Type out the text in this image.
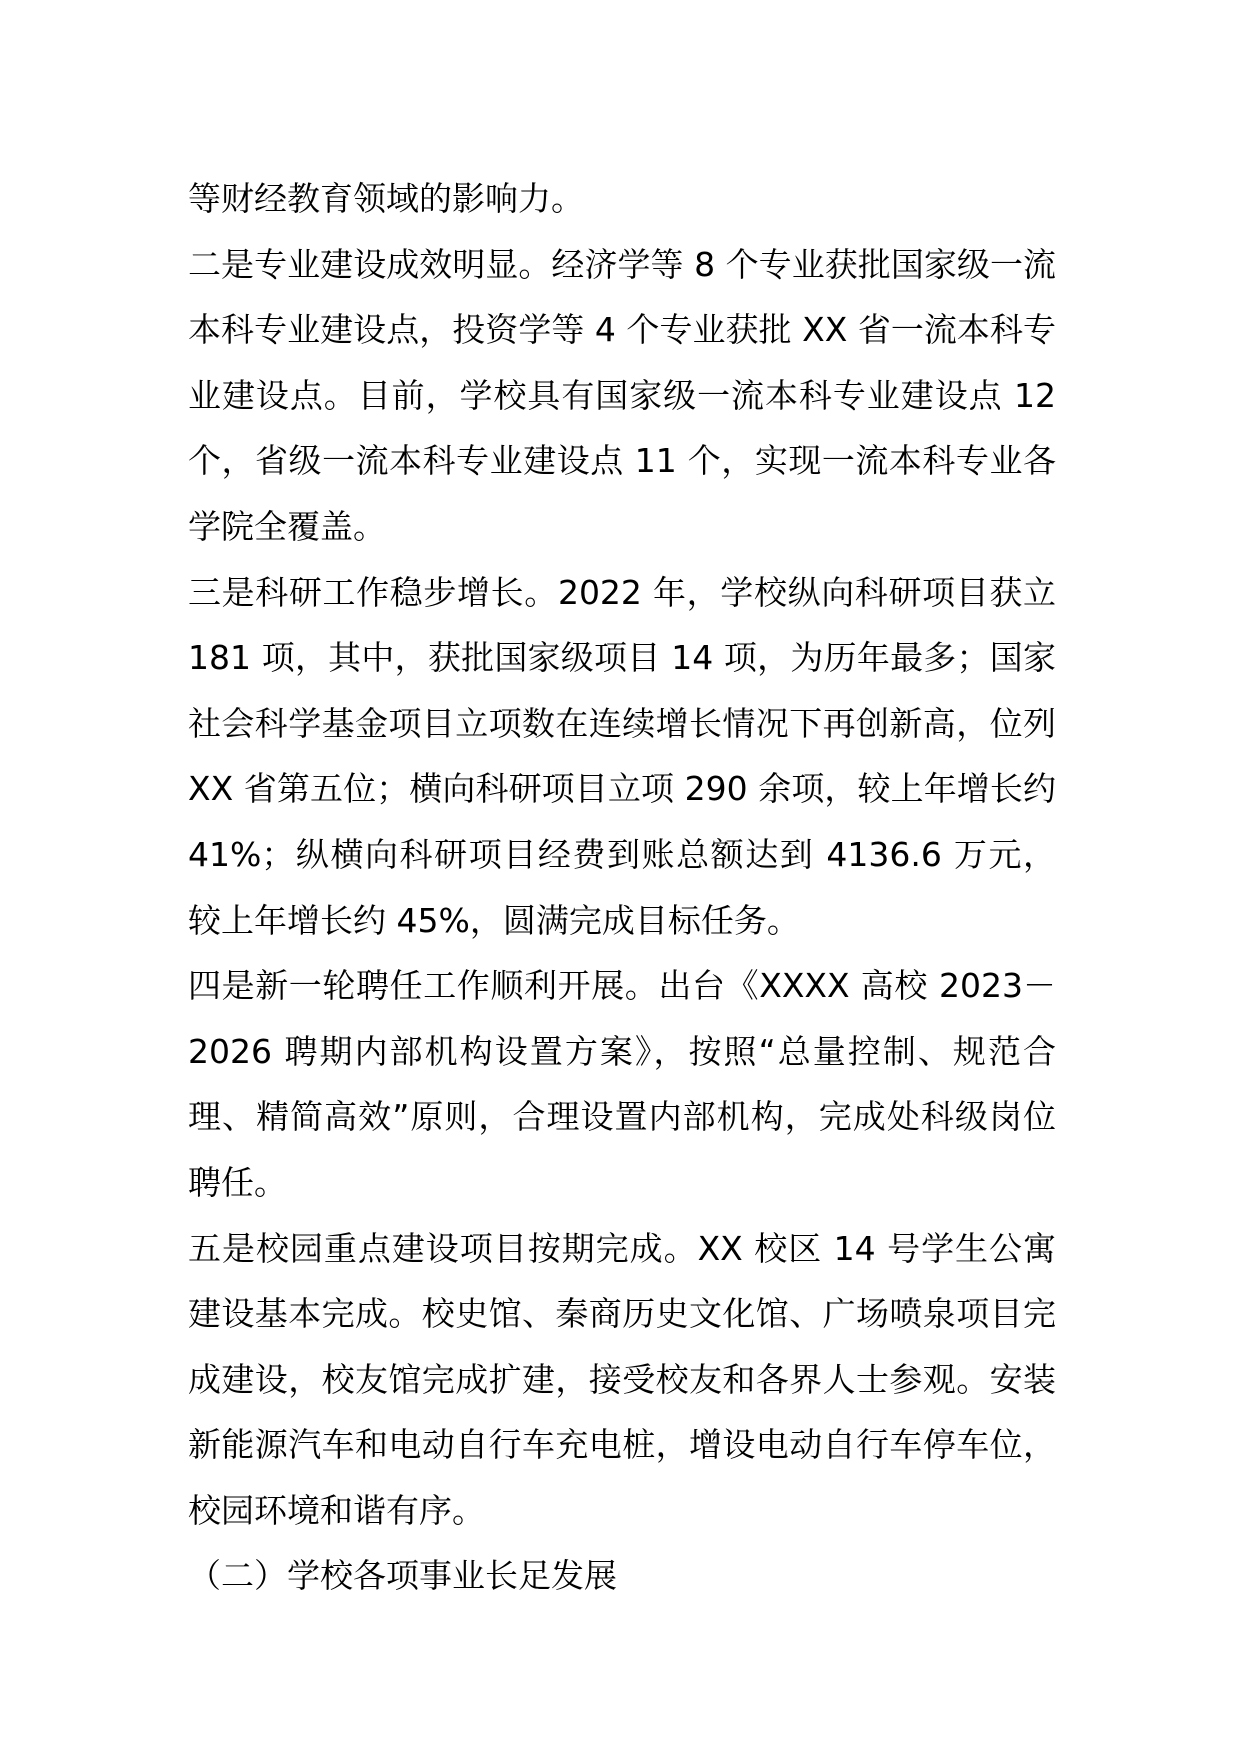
等财经教育领域的影响力。

二是专业建设成效明显。经济学等 8 个专业获批国家级一流本科专业建设点，投资学等 4 个专业获批 XX 省一流本科专业建设点。目前，学校具有国家级一流本科专业建设点 12 个，省级一流本科专业建设点 11 个，实现一流本科专业各学院全覆盖。

三是科研工作稳步增长。2022 年，学校纵向科研项目获立 181 项，其中，获批国家级项目 14 项，为历年最多；国家社会科学基金项目立项数在连续增长情况下再创新高，位列 XX 省第五位；横向科研项目立项 290 余项，较上年增长约 41%；纵横向科研项目经费到账总额达到 4136.6 万元，较上年增长约 45%，圆满完成目标任务。

四是新一轮聘任工作顺利开展。出台《XXXX 高校 2023－2026 聘期内部机构设置方案》，按照“总量控制、规范合理、精简高效”原则，合理设置内部机构，完成处科级岗位聘任。

五是校园重点建设项目按期完成。XX 校区 14 号学生公寓建设基本完成。校史馆、秦商历史文化馆、广场喷泉项目完成建设，校友馆完成扩建，接受校友和各界人士参观。安装新能源汽车和电动自行车充电桩，增设电动自行车停车位，校园环境和谐有序。

（二）学校各项事业长足发展
